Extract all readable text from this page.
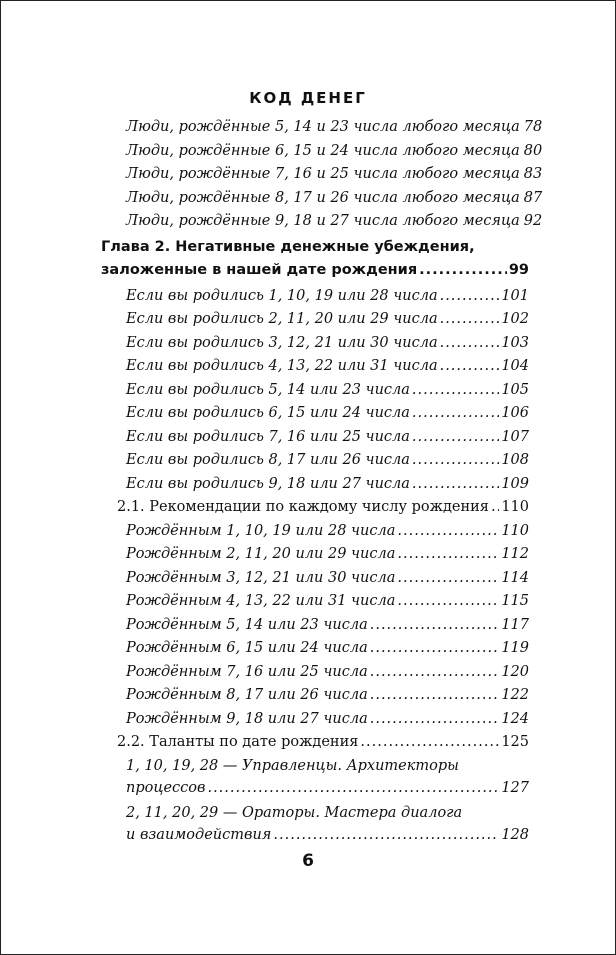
КОД ДЕНЕГ
Люди, рождённые 5, 14 и 23 числа любого месяца 78
Люди, рождённые 6, 15 и 24 числа любого месяца 80
Люди, рождённые 7, 16 и 25 числа любого месяца 83
Люди, рождённые 8, 17 и 26 числа любого месяца 87
Люди, рождённые 9, 18 и 27 числа любого месяца 92
Глава 2. Негативные денежные убеждения,
заложенные в нашей дате рождения .....	99
Если вы родились 1, 10, 19 или 28 числа .....	101
Если вы родились 2, 11, 20 или 29 числа .....	102
Если вы родились 3, 12, 21 или 30 числа .....	103
Если вы родились 4, 13, 22 или 31 числа .....	104
Если вы родились 5, 14 или 23 числа .....	105
Если вы родились 6, 15 или 24 числа .....	106
Если вы родились 7, 16 или 25 числа .....	107
Если вы родились 8, 17 или 26 числа .....	108
Если вы родились 9, 18 или 27 числа .....	109
2.1. Рекомендации по каждому числу рождения ..... 110
Рождённым 1, 10, 19 или 28 числа .....	110
Рождённым 2, 11, 20 или 29 числа .....	112
Рождённым 3, 12, 21 или 30 числа .....	114
Рождённым 4, 13, 22 или 31 числа .....	115
Рождённым 5, 14 или 23 числа .....	117
Рождённым 6, 15 или 24 числа .....	119
Рождённым 7, 16 или 25 числа .....	120
Рождённым 8, 17 или 26 числа .....	122
Рождённым 9, 18 или 27 числа .....	124
2.2. Таланты по дате рождения .....	125
1, 10, 19, 28 — Управленцы. Архитекторы
процессов .....	127
2, 11, 20, 29 — Ораторы. Мастера диалога
и взаимодействия .....	128
6
